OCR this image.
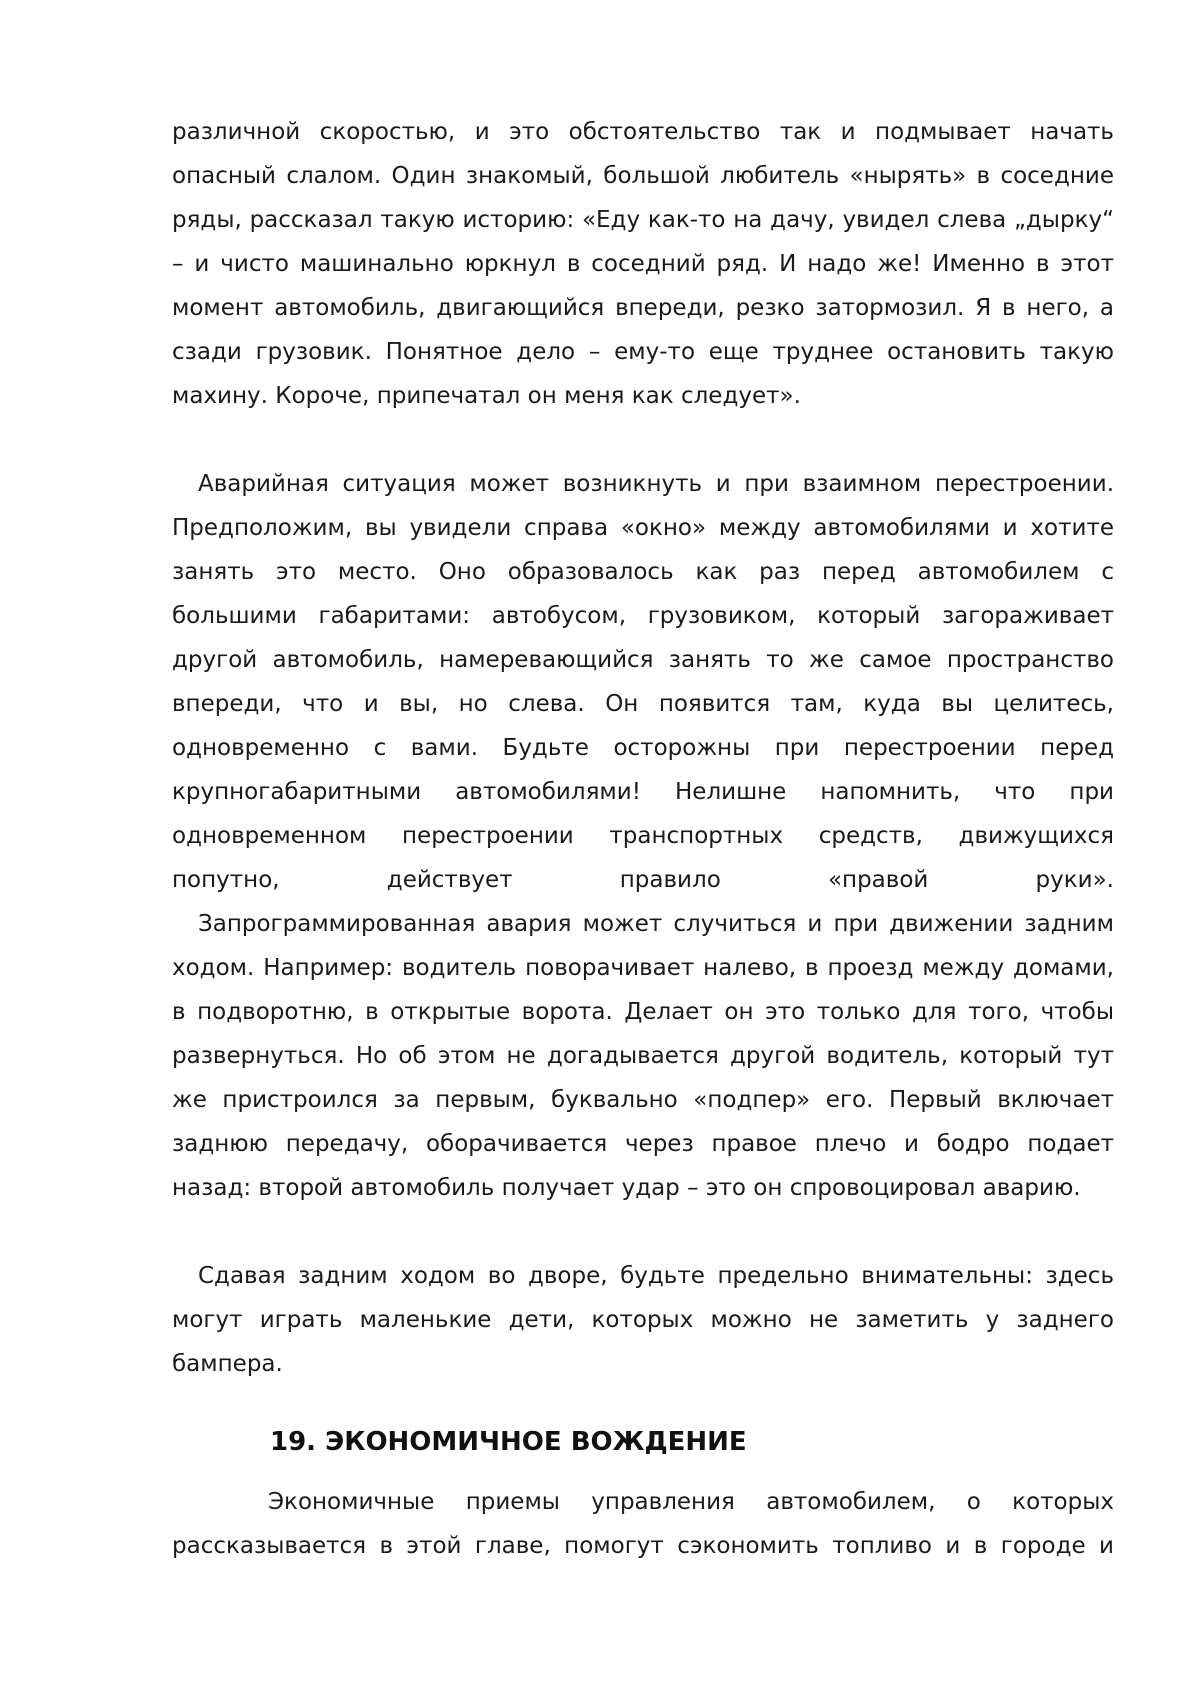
различной скоростью, и это обстоятельство так и подмывает начать опасный слалом. Один знакомый, большой любитель «нырять» в соседние ряды, рассказал такую историю: «Еду как-то на дачу, увидел слева „дырку“ – и чисто машинально юркнул в соседний ряд. И надо же! Именно в этот момент автомобиль, двигающийся впереди, резко затормозил. Я в него, а сзади грузовик. Понятное дело – ему-то еще труднее остановить такую махину. Короче, припечатал он меня как следует».

Аварийная ситуация может возникнуть и при взаимном перестроении. Предположим, вы увидели справа «окно» между автомобилями и хотите занять это место. Оно образовалось как раз перед автомобилем с большими габаритами: автобусом, грузовиком, который загораживает другой автомобиль, намеревающийся занять то же самое пространство впереди, что и вы, но слева. Он появится там, куда вы целитесь, одновременно с вами. Будьте осторожны при перестроении перед крупногабаритными автомобилями! Нелишне напомнить, что при одновременном перестроении транспортных средств, движущихся попутно, действует правило «правой руки».

Запрограммированная авария может случиться и при движении задним ходом. Например: водитель поворачивает налево, в проезд между домами, в подворотню, в открытые ворота. Делает он это только для того, чтобы развернуться. Но об этом не догадывается другой водитель, который тут же пристроился за первым, буквально «подпер» его. Первый включает заднюю передачу, оборачивается через правое плечо и бодро подает назад: второй автомобиль получает удар – это он спровоцировал аварию.

Сдавая задним ходом во дворе, будьте предельно внимательны: здесь могут играть маленькие дети, которых можно не заметить у заднего бампера.

19. ЭКОНОМИЧНОЕ ВОЖДЕНИЕ

Экономичные приемы управления автомобилем, о которых рассказывается в этой главе, помогут сэкономить топливо и в городе и
